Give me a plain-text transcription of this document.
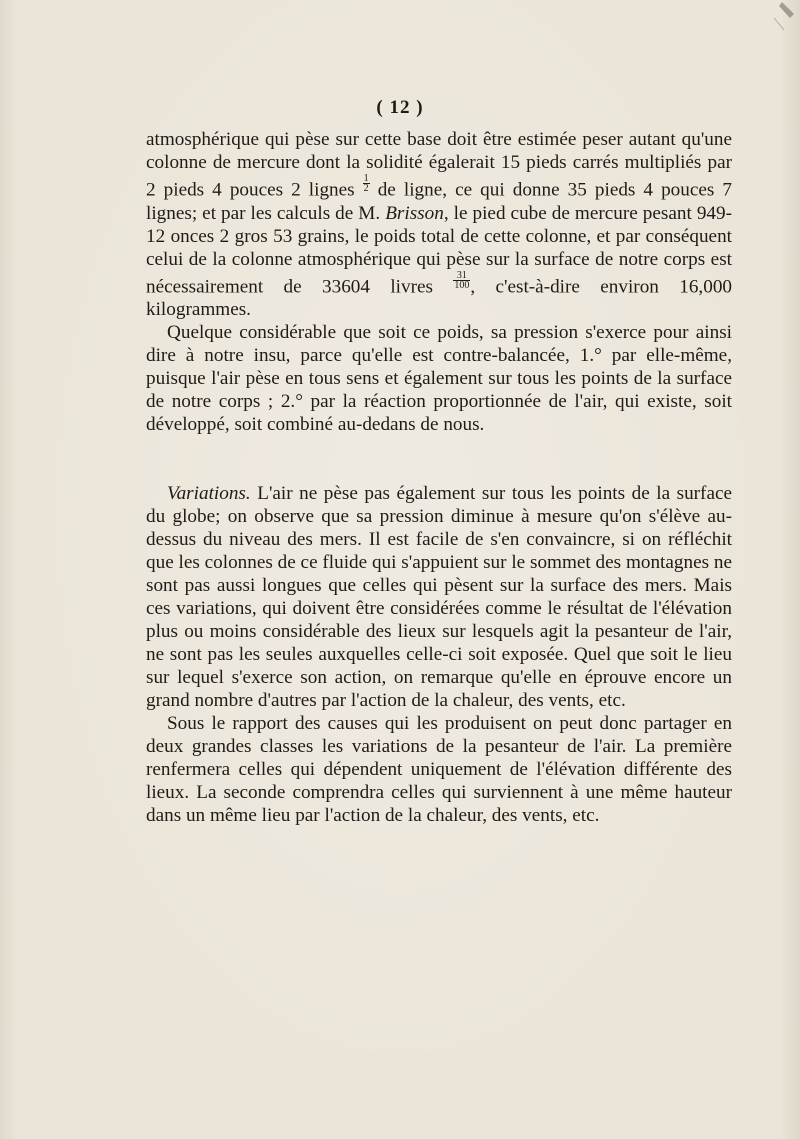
( 12 )

atmosphérique qui pèse sur cette base doit être estimée peser autant qu'une colonne de mercure dont la solidité égalerait 15 pieds carrés multipliés par 2 pieds 4 pouces 2 lignes $\frac{1}{2}$ de ligne, ce qui donne 35 pieds 4 pouces 7 lignes; et par les calculs de M. Brisson, le pied cube de mercure pesant 949-12 onces 2 gros 53 grains, le poids total de cette colonne, et par conséquent celui de la colonne atmosphérique qui pèse sur la surface de notre corps est nécessairement de 33604 livres $\frac{31}{100}$ , c'est-à-dire environ 16,000 kilogrammes.

Quelque considérable que soit ce poids, sa pression s'exerce pour ainsi dire à notre insu, parce qu'elle est contre-balancée, 1.° par elle-même, puisque l'air pèse en tous sens et également sur tous les points de la surface de notre corps ; 2.° par la réaction proportionnée de l'air, qui existe, soit développé, soit combiné au-dedans de nous.

Variations. L'air ne pèse pas également sur tous les points de la surface du globe; on observe que sa pression diminue à mesure qu'on s'élève au-dessus du niveau des mers. Il est facile de s'en convaincre, si on réfléchit que les colonnes de ce fluide qui s'appuient sur le sommet des montagnes ne sont pas aussi longues que celles qui pèsent sur la surface des mers. Mais ces variations, qui doivent être considérées comme le résultat de l'élévation plus ou moins considérable des lieux sur lesquels agit la pesanteur de l'air, ne sont pas les seules auxquelles celle-ci soit exposée. Quel que soit le lieu sur lequel s'exerce son action, on remarque qu'elle en éprouve encore un grand nombre d'autres par l'action de la chaleur, des vents, etc.

Sous le rapport des causes qui les produisent on peut donc partager en deux grandes classes les variations de la pesanteur de l'air. La première renfermera celles qui dépendent uniquement de l'élévation différente des lieux. La seconde comprendra celles qui surviennent à une même hauteur dans un même lieu par l'action de la chaleur, des vents, etc.
